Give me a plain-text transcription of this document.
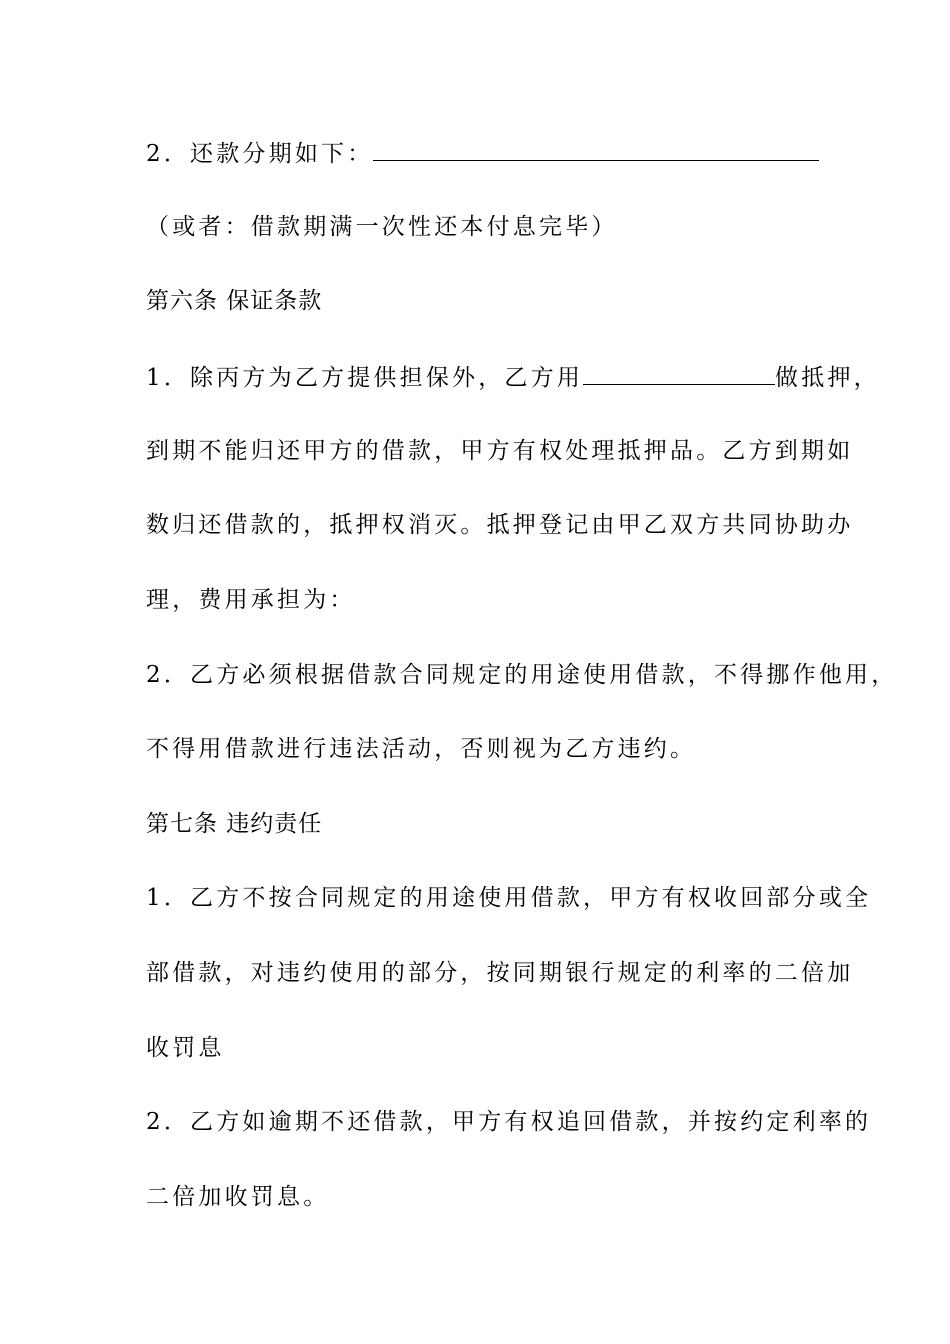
2．还款分期如下：
（或者：借款期满一次性还本付息完毕）
第六条 保证条款
1．除丙方为乙方提供担保外，乙方用	做抵押，
到期不能归还甲方的借款，甲方有权处理抵押品。乙方到期如
数归还借款的，抵押权消灭。抵押登记由甲乙双方共同协助办
理，费用承担为：
2．乙方必须根据借款合同规定的用途使用借款，不得挪作他用，
不得用借款进行违法活动，否则视为乙方违约。
第七条 违约责任
1．乙方不按合同规定的用途使用借款，甲方有权收回部分或全
部借款，对违约使用的部分，按同期银行规定的利率的二倍加
收罚息
2．乙方如逾期不还借款，甲方有权追回借款，并按约定利率的
二倍加收罚息。
